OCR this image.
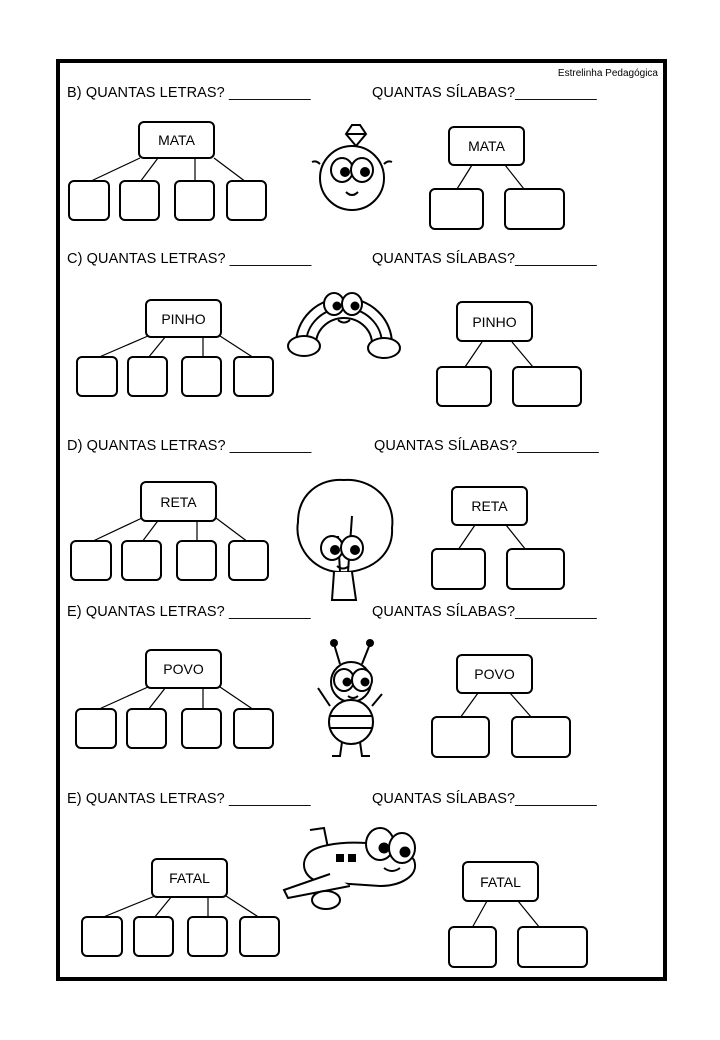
Estrelinha Pedagógica
B) QUANTAS LETRAS? __________	QUANTAS SÍLABAS?__________
MATA	MATA
C) QUANTAS LETRAS? __________	QUANTAS SÍLABAS?__________
PINHO	PINHO
D) QUANTAS LETRAS? __________	QUANTAS SÍLABAS?__________
RETA	RETA
E) QUANTAS LETRAS? __________	QUANTAS SÍLABAS?__________
POVO	POVO
E) QUANTAS LETRAS? __________	QUANTAS SÍLABAS?__________
FATAL	FATAL
